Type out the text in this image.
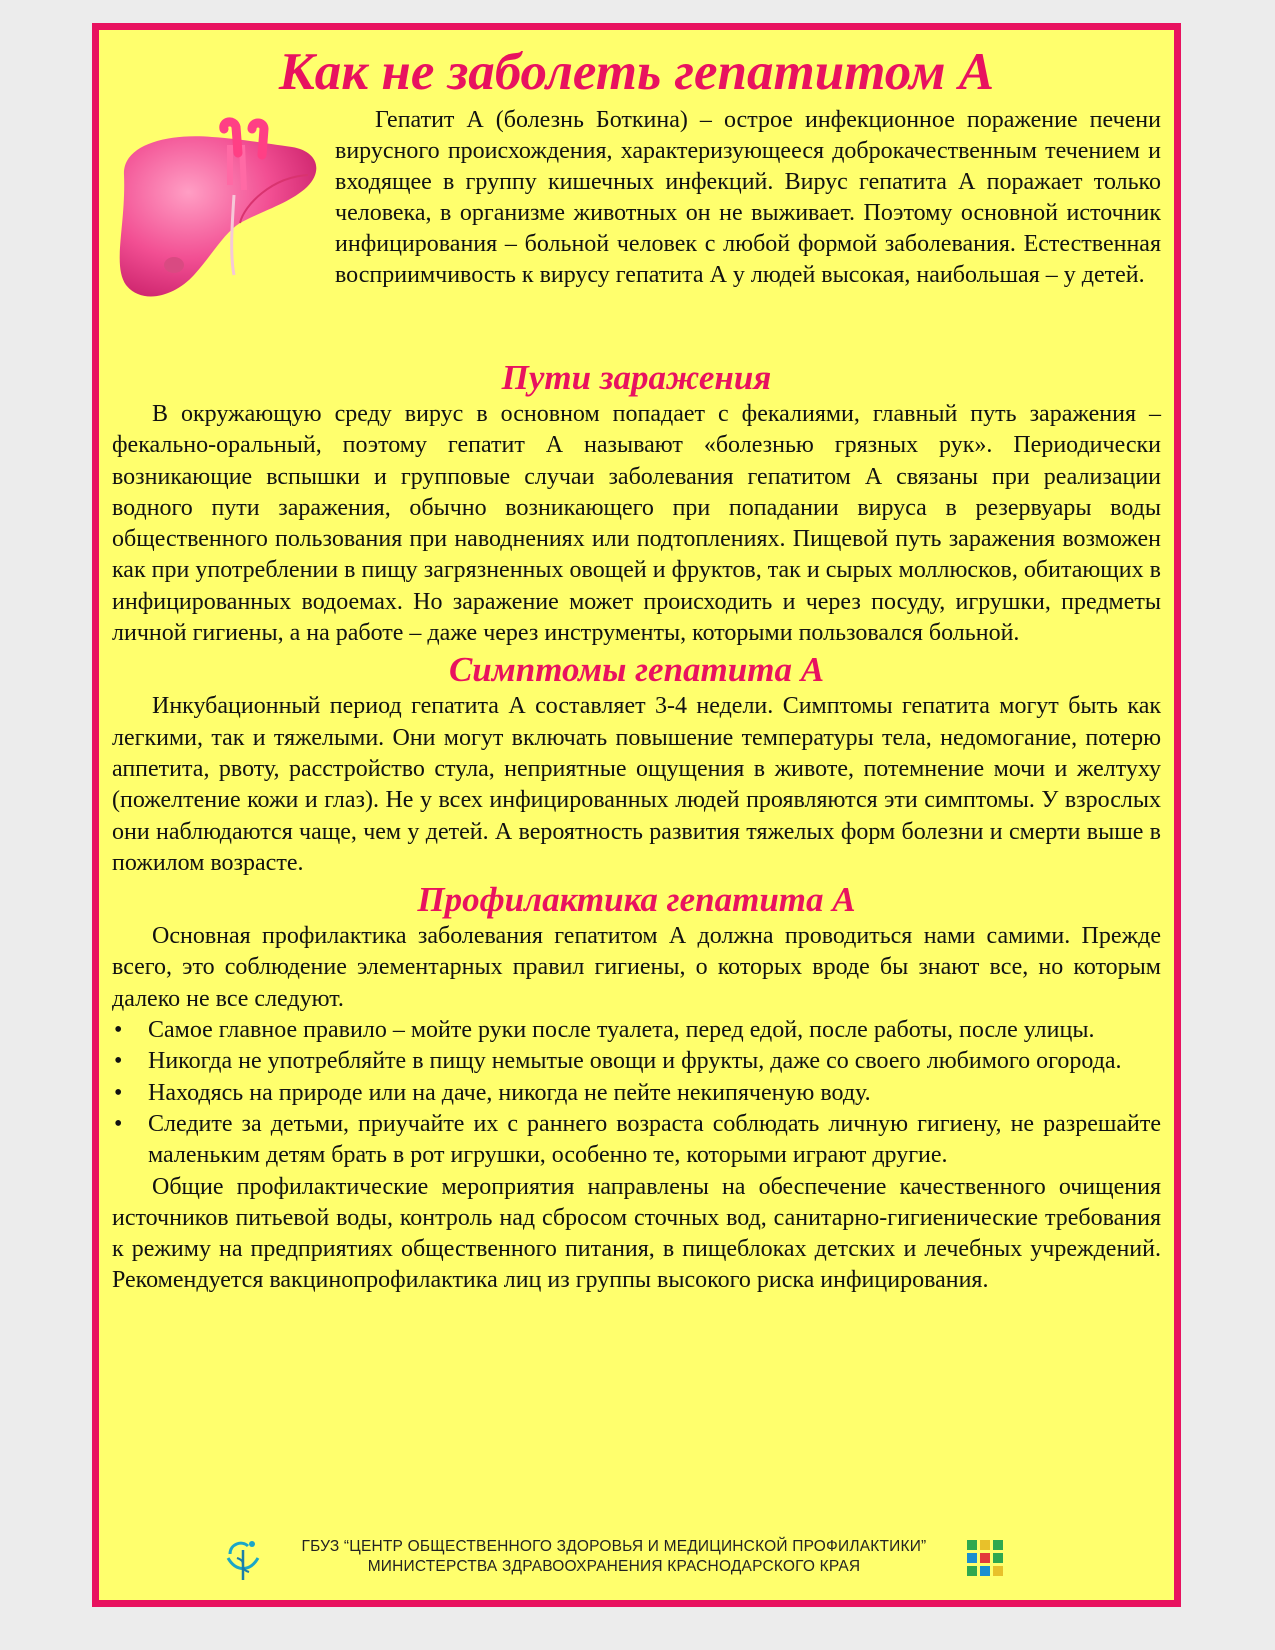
Как не заболеть гепатитом А

Гепатит А (болезнь Боткина) – острое инфекционное поражение печени вирусного происхождения, характеризующееся доброкачественным течением и входящее в группу кишечных инфекций. Вирус гепатита А поражает только человека, в организме животных он не выживает. Поэтому основной источник инфицирования – больной человек с любой формой заболевания. Естественная восприимчивость к вирусу гепатита А у людей высокая, наибольшая – у детей.

Пути заражения

В окружающую среду вирус в основном попадает с фекалиями, главный путь заражения – фекально-оральный, поэтому гепатит А называют «болезнью грязных рук». Периодически возникающие вспышки и групповые случаи заболевания гепатитом А связаны при реализации водного пути заражения, обычно возникающего при попадании вируса в резервуары воды общественного пользования при наводнениях или подтоплениях. Пищевой путь заражения возможен как при употреблении в пищу загрязненных овощей и фруктов, так и сырых моллюсков, обитающих в инфицированных водоемах. Но заражение может происходить и через посуду, игрушки, предметы личной гигиены, а на работе – даже через инструменты, которыми пользовался больной.

Симптомы гепатита А

Инкубационный период гепатита А составляет 3-4 недели. Симптомы гепатита могут быть как легкими, так и тяжелыми. Они могут включать повышение температуры тела, недомогание, потерю аппетита, рвоту, расстройство стула, неприятные ощущения в животе, потемнение мочи и желтуху (пожелтение кожи и глаз). Не у всех инфицированных людей проявляются эти симптомы. У взрослых они наблюдаются чаще, чем у детей. А вероятность развития тяжелых форм болезни и смерти выше в пожилом возрасте.

Профилактика гепатита А

Основная профилактика заболевания гепатитом А должна проводиться нами самими. Прежде всего, это соблюдение элементарных правил гигиены, о которых вроде бы знают все, но которым далеко не все следуют.

• Самое главное правило – мойте руки после туалета, перед едой, после работы, после улицы.
• Никогда не употребляйте в пищу немытые овощи и фрукты, даже со своего любимого огорода.
• Находясь на природе или на даче, никогда не пейте некипяченую воду.
• Следите за детьми, приучайте их с раннего возраста соблюдать личную гигиену, не разрешайте маленьким детям брать в рот игрушки, особенно те, которыми играют другие.

Общие профилактические мероприятия направлены на обеспечение качественного очищения источников питьевой воды, контроль над сбросом сточных вод, санитарно-гигиенические требования к режиму на предприятиях общественного питания, в пищеблоках детских и лечебных учреждений. Рекомендуется вакцинопрофилактика лиц из группы высокого риска инфицирования.

ГБУЗ “ЦЕНТР ОБЩЕСТВЕННОГО ЗДОРОВЬЯ И МЕДИЦИНСКОЙ ПРОФИЛАКТИКИ”
МИНИСТЕРСТВА ЗДРАВООХРАНЕНИЯ КРАСНОДАРСКОГО КРАЯ
